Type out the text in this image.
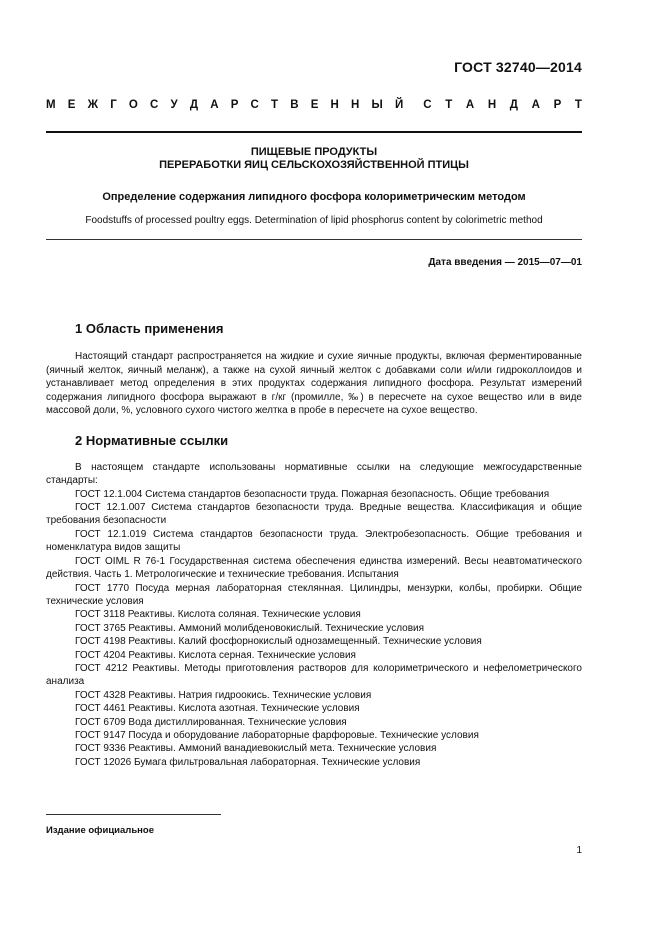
ГОСТ 32740—2014
М Е Ж Г О С У Д А Р С Т В Е Н Н Ы Й С Т А Н Д А Р Т
ПИЩЕВЫЕ ПРОДУКТЫ
ПЕРЕРАБОТКИ ЯИЦ СЕЛЬСКОХОЗЯЙСТВЕННОЙ ПТИЦЫ
Определение содержания липидного фосфора колориметрическим методом
Foodstuffs of processed poultry eggs. Determination of lipid phosphorus content by colorimetric method
Дата введения — 2015—07—01
1 Область применения

Настоящий стандарт распространяется на жидкие и сухие яичные продукты, включая ферментированные (яичный желток, яичный меланж), а также на сухой яичный желток с добавками соли и/или гидроколлоидов и устанавливает метод определения в этих продуктах содержания липидного фосфора. Результат измерений содержания липидного фосфора выражают в г/кг (промилле, ‰) в пересчете на сухое вещество или в виде массовой доли, %, условного сухого чистого желтка в пробе в пересчете на сухое вещество.

2 Нормативные ссылки

В настоящем стандарте использованы нормативные ссылки на следующие межгосударственные стандарты:

ГОСТ 12.1.004 Система стандартов безопасности труда. Пожарная безопасность. Общие требования
ГОСТ 12.1.007 Система стандартов безопасности труда. Вредные вещества. Классификация и общие требования безопасности
ГОСТ 12.1.019 Система стандартов безопасности труда. Электробезопасность. Общие требования и номенклатура видов защиты
ГОСТ OIML R 76-1 Государственная система обеспечения единства измерений. Весы неавтоматического действия. Часть 1. Метрологические и технические требования. Испытания
ГОСТ 1770 Посуда мерная лабораторная стеклянная. Цилиндры, мензурки, колбы, пробирки. Общие технические условия
ГОСТ 3118 Реактивы. Кислота соляная. Технические условия
ГОСТ 3765 Реактивы. Аммоний молибденовокислый. Технические условия
ГОСТ 4198 Реактивы. Калий фосфорнокислый однозамещенный. Технические условия
ГОСТ 4204 Реактивы. Кислота серная. Технические условия
ГОСТ 4212 Реактивы. Методы приготовления растворов для колориметрического и нефелометрического анализа
ГОСТ 4328 Реактивы. Натрия гидроокись. Технические условия
ГОСТ 4461 Реактивы. Кислота азотная. Технические условия
ГОСТ 6709 Вода дистиллированная. Технические условия
ГОСТ 9147 Посуда и оборудование лабораторные фарфоровые. Технические условия
ГОСТ 9336 Реактивы. Аммоний ванадиевокислый мета. Технические условия
ГОСТ 12026 Бумага фильтровальная лабораторная. Технические условия
Издание официальное
1
